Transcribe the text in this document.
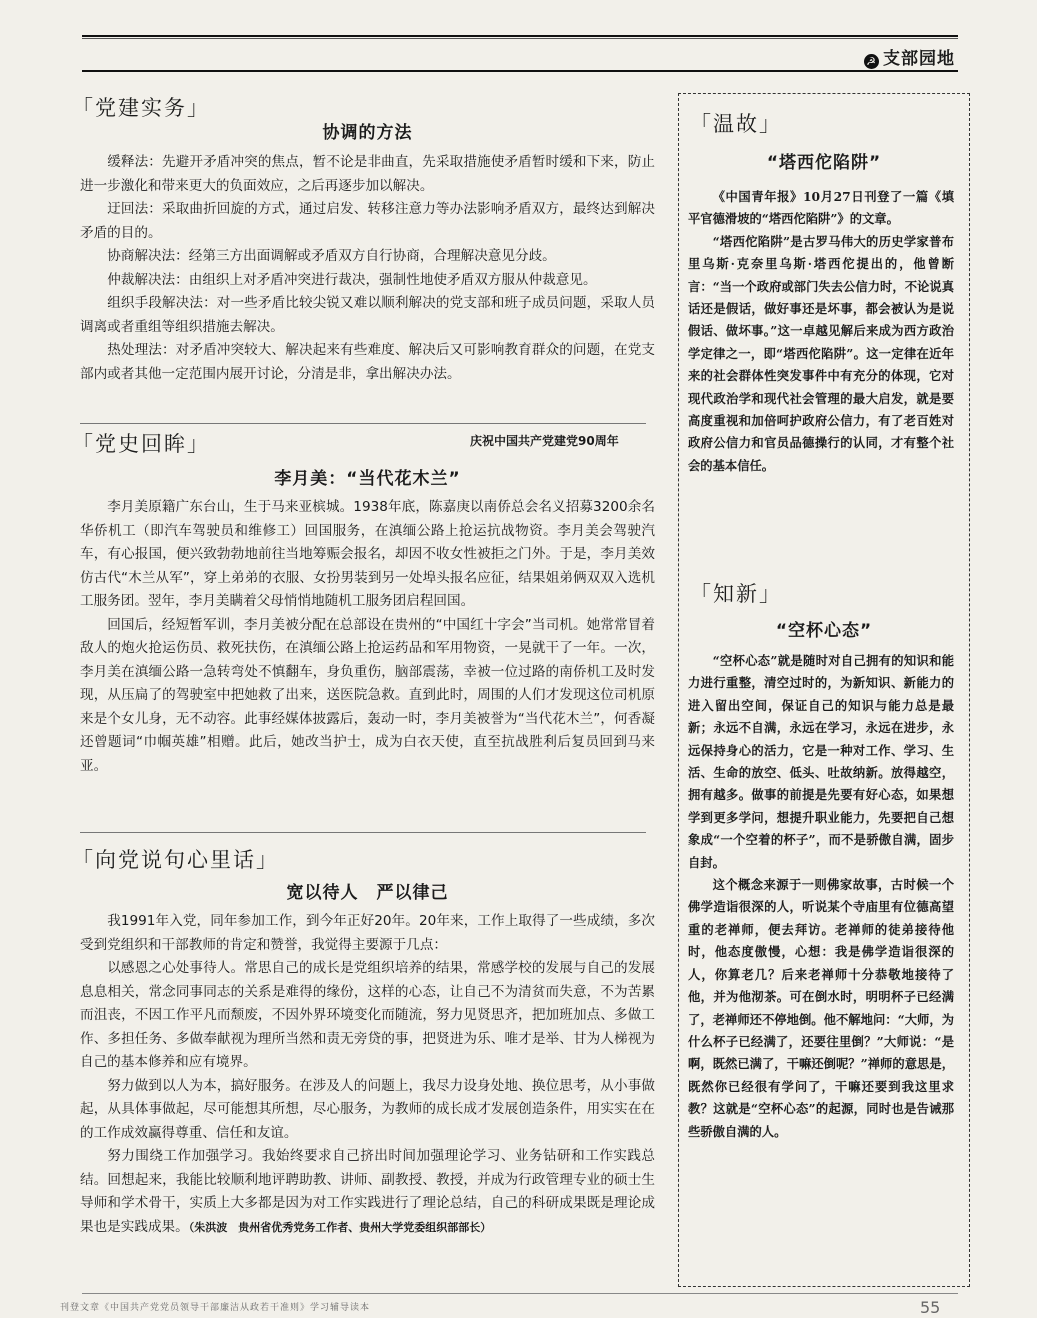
☭ 支部园地
「党建实务」
协调的方法

缓释法：先避开矛盾冲突的焦点，暂不论是非曲直，先采取措施使矛盾暂时缓和下来，防止进一步激化和带来更大的负面效应，之后再逐步加以解决。

迂回法：采取曲折回旋的方式，通过启发、转移注意力等办法影响矛盾双方，最终达到解决矛盾的目的。

协商解决法：经第三方出面调解或矛盾双方自行协商，合理解决意见分歧。

仲裁解决法：由组织上对矛盾冲突进行裁决，强制性地使矛盾双方服从仲裁意见。

组织手段解决法：对一些矛盾比较尖锐又难以顺利解决的党支部和班子成员问题，采取人员调离或者重组等组织措施去解决。

热处理法：对矛盾冲突较大、解决起来有些难度、解决后又可影响教育群众的问题，在党支部内或者其他一定范围内展开讨论，分清是非，拿出解决办法。

「党史回眸」	庆祝中国共产党建党90周年
李月美：“当代花木兰”

李月美原籍广东台山，生于马来亚槟城。1938年底，陈嘉庚以南侨总会名义招募3200余名华侨机工（即汽车驾驶员和维修工）回国服务，在滇缅公路上抢运抗战物资。李月美会驾驶汽车，有心报国，便兴致勃勃地前往当地筹赈会报名，却因不收女性被拒之门外。于是，李月美效仿古代“木兰从军”，穿上弟弟的衣服、女扮男装到另一处埠头报名应征，结果姐弟俩双双入选机工服务团。翌年，李月美瞒着父母悄悄地随机工服务团启程回国。

回国后，经短暂军训，李月美被分配在总部设在贵州的“中国红十字会”当司机。她常常冒着敌人的炮火抢运伤员、救死扶伤，在滇缅公路上抢运药品和军用物资，一晃就干了一年。一次，李月美在滇缅公路一急转弯处不慎翻车，身负重伤，脑部震荡，幸被一位过路的南侨机工及时发现，从压扁了的驾驶室中把她救了出来，送医院急救。直到此时，周围的人们才发现这位司机原来是个女儿身，无不动容。此事经媒体披露后，轰动一时，李月美被誉为“当代花木兰”，何香凝还曾题词“巾帼英雄”相赠。此后，她改当护士，成为白衣天使，直至抗战胜利后复员回到马来亚。

「向党说句心里话」
宽以待人　严以律己

我1991年入党，同年参加工作，到今年正好20年。20年来，工作上取得了一些成绩，多次受到党组织和干部教师的肯定和赞誉，我觉得主要源于几点：

以感恩之心处事待人。常思自己的成长是党组织培养的结果，常感学校的发展与自己的发展息息相关，常念同事同志的关系是难得的缘份，这样的心态，让自己不为清贫而失意，不为苦累而沮丧，不因工作平凡而颓废，不因外界环境变化而随流，努力见贤思齐，把加班加点、多做工作、多担任务、多做奉献视为理所当然和责无旁贷的事，把贤进为乐、唯才是举、甘为人梯视为自己的基本修养和应有境界。

努力做到以人为本，搞好服务。在涉及人的问题上，我尽力设身处地、换位思考，从小事做起，从具体事做起，尽可能想其所想，尽心服务，为教师的成长成才发展创造条件，用实实在在的工作成效赢得尊重、信任和友谊。

努力围绕工作加强学习。我始终要求自己挤出时间加强理论学习、业务钻研和工作实践总结。回想起来，我能比较顺利地评聘助教、讲师、副教授、教授，并成为行政管理专业的硕士生导师和学术骨干，实质上大多都是因为对工作实践进行了理论总结，自己的科研成果既是理论成果也是实践成果。（朱洪波　贵州省优秀党务工作者、贵州大学党委组织部部长）

「温故」
“塔西佗陷阱”

《中国青年报》10月27日刊登了一篇《填平官德滑坡的“塔西佗陷阱”》的文章。

“塔西佗陷阱”是古罗马伟大的历史学家普布里乌斯·克奈里乌斯·塔西佗提出的，他曾断言：“当一个政府或部门失去公信力时，不论说真话还是假话，做好事还是坏事，都会被认为是说假话、做坏事。”这一卓越见解后来成为西方政治学定律之一，即“塔西佗陷阱”。这一定律在近年来的社会群体性突发事件中有充分的体现，它对现代政治学和现代社会管理的最大启发，就是要高度重视和加倍呵护政府公信力，有了老百姓对政府公信力和官员品德操行的认同，才有整个社会的基本信任。

「知新」
“空杯心态”

“空杯心态”就是随时对自己拥有的知识和能力进行重整，清空过时的，为新知识、新能力的进入留出空间，保证自己的知识与能力总是最新；永远不自满，永远在学习，永远在进步，永远保持身心的活力，它是一种对工作、学习、生活、生命的放空、低头、吐故纳新。放得越空，拥有越多。做事的前提是先要有好心态，如果想学到更多学问，想提升职业能力，先要把自己想象成“一个空着的杯子”，而不是骄傲自满，固步自封。

这个概念来源于一则佛家故事，古时候一个佛学造诣很深的人，听说某个寺庙里有位德高望重的老禅师，便去拜访。老禅师的徒弟接待他时，他态度傲慢，心想：我是佛学造诣很深的人，你算老几？后来老禅师十分恭敬地接待了他，并为他沏茶。可在倒水时，明明杯子已经满了，老禅师还不停地倒。他不解地问：“大师，为什么杯子已经满了，还要往里倒？”大师说：“是啊，既然已满了，干嘛还倒呢？”禅师的意思是，既然你已经很有学问了，干嘛还要到我这里求教？这就是“空杯心态”的起源，同时也是告诫那些骄傲自满的人。

刊登文章《中国共产党党员领导干部廉洁从政若干准则》学习辅导读本	55
